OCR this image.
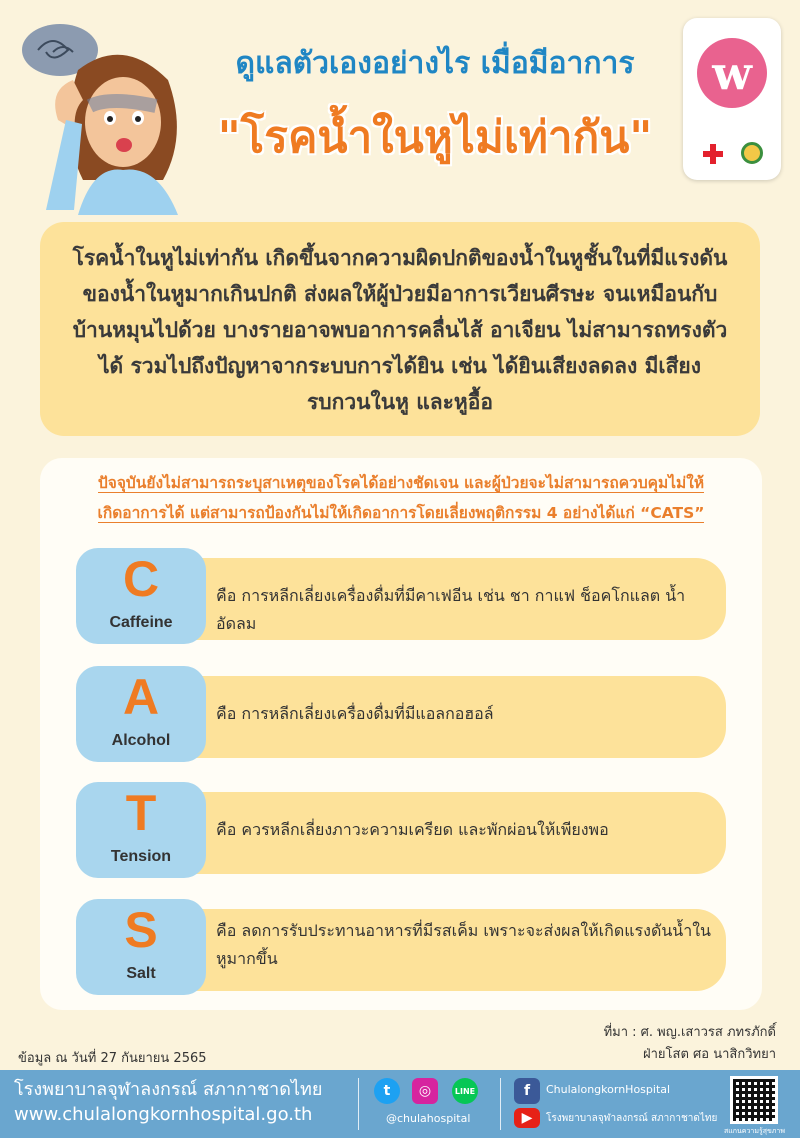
ดูแลตัวเองอย่างไร เมื่อมีอาการ
"โรคน้ำในหูไม่เท่ากัน"
w

โรคน้ำในหูไม่เท่ากัน เกิดขึ้นจากความผิดปกติของน้ำในหูชั้นในที่มีแรงดันของน้ำในหูมากเกินปกติ ส่งผลให้ผู้ป่วยมีอาการเวียนศีรษะ จนเหมือนกับบ้านหมุนไปด้วย บางรายอาจพบอาการคลื่นไส้ อาเจียน ไม่สามารถทรงตัวได้ รวมไปถึงปัญหาจากระบบการได้ยิน เช่น ได้ยินเสียงลดลง มีเสียงรบกวนในหู และหูอื้อ

ปัจจุบันยังไม่สามารถระบุสาเหตุของโรคได้อย่างชัดเจน และผู้ป่วยจะไม่สามารถควบคุมไม่ให้
เกิดอาการได้ แต่สามารถป้องกันไม่ให้เกิดอาการโดยเลี่ยงพฤติกรรม 4 อย่างได้แก่ “CATS”
C
Caffeine
คือ การหลีกเลี่ยงเครื่องดื่มที่มีคาเฟอีน เช่น ชา กาแฟ ช็อคโกแลต น้ำอัดลม
A
Alcohol
คือ การหลีกเลี่ยงเครื่องดื่มที่มีแอลกอฮอล์
T
Tension
คือ ควรหลีกเลี่ยงภาวะความเครียด และพักผ่อนให้เพียงพอ
S
Salt
คือ ลดการรับประทานอาหารที่มีรสเค็ม เพราะจะส่งผลให้เกิดแรงดันน้ำในหูมากขึ้น
ที่มา : ศ. พญ.เสาวรส ภทรภักดิ์
ฝ่ายโสต ศอ นาสิกวิทยา
ข้อมูล ณ วันที่ 27 กันยายน 2565
โรงพยาบาลจุฬาลงกรณ์ สภากาชาดไทย
www.chulalongkornhospital.go.th
t	◎	LINE
@chulahospital
f	ChulalongkornHospital
▶	โรงพยาบาลจุฬาลงกรณ์ สภากาชาดไทย
สแกนความรู้สุขภาพ
